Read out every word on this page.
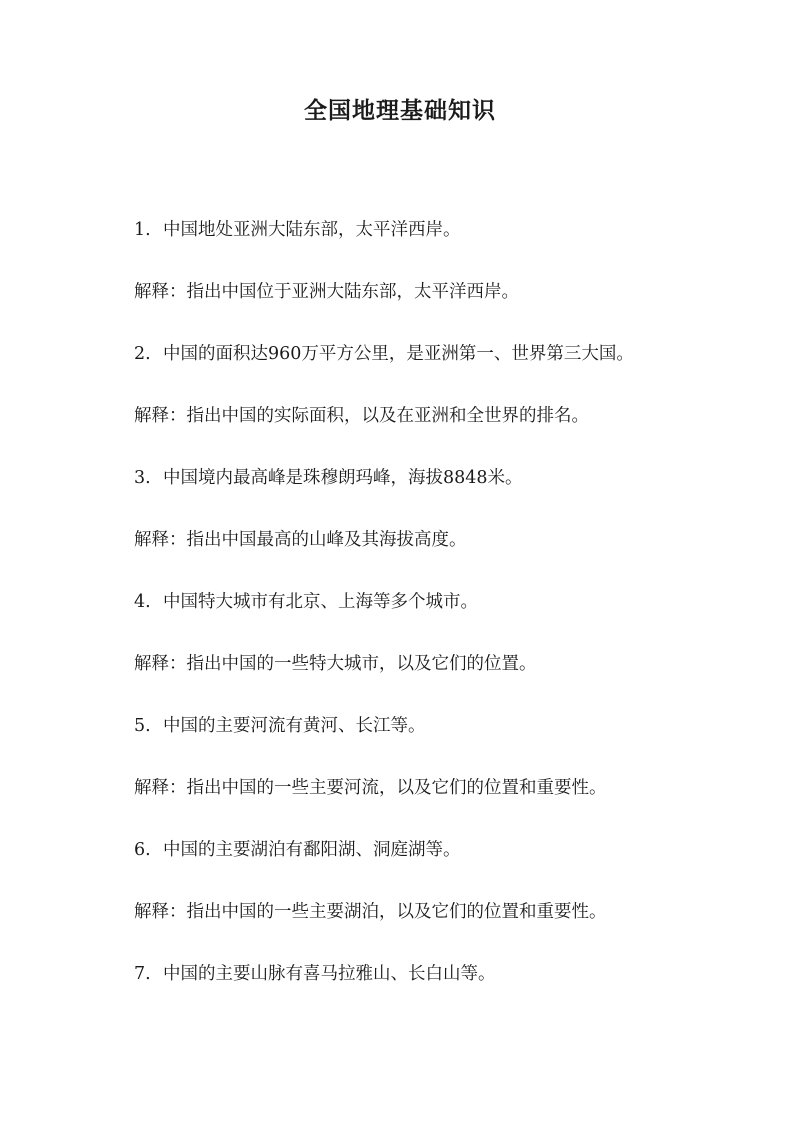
全国地理基础知识

1. 中国地处亚洲大陆东部，太平洋西岸。

解释：指出中国位于亚洲大陆东部，太平洋西岸。

2. 中国的面积达960万平方公里，是亚洲第一、世界第三大国。

解释：指出中国的实际面积，以及在亚洲和全世界的排名。

3. 中国境内最高峰是珠穆朗玛峰，海拔8848米。

解释：指出中国最高的山峰及其海拔高度。

4. 中国特大城市有北京、上海等多个城市。

解释：指出中国的一些特大城市，以及它们的位置。

5. 中国的主要河流有黄河、长江等。

解释：指出中国的一些主要河流，以及它们的位置和重要性。

6. 中国的主要湖泊有鄱阳湖、洞庭湖等。

解释：指出中国的一些主要湖泊，以及它们的位置和重要性。

7. 中国的主要山脉有喜马拉雅山、长白山等。
